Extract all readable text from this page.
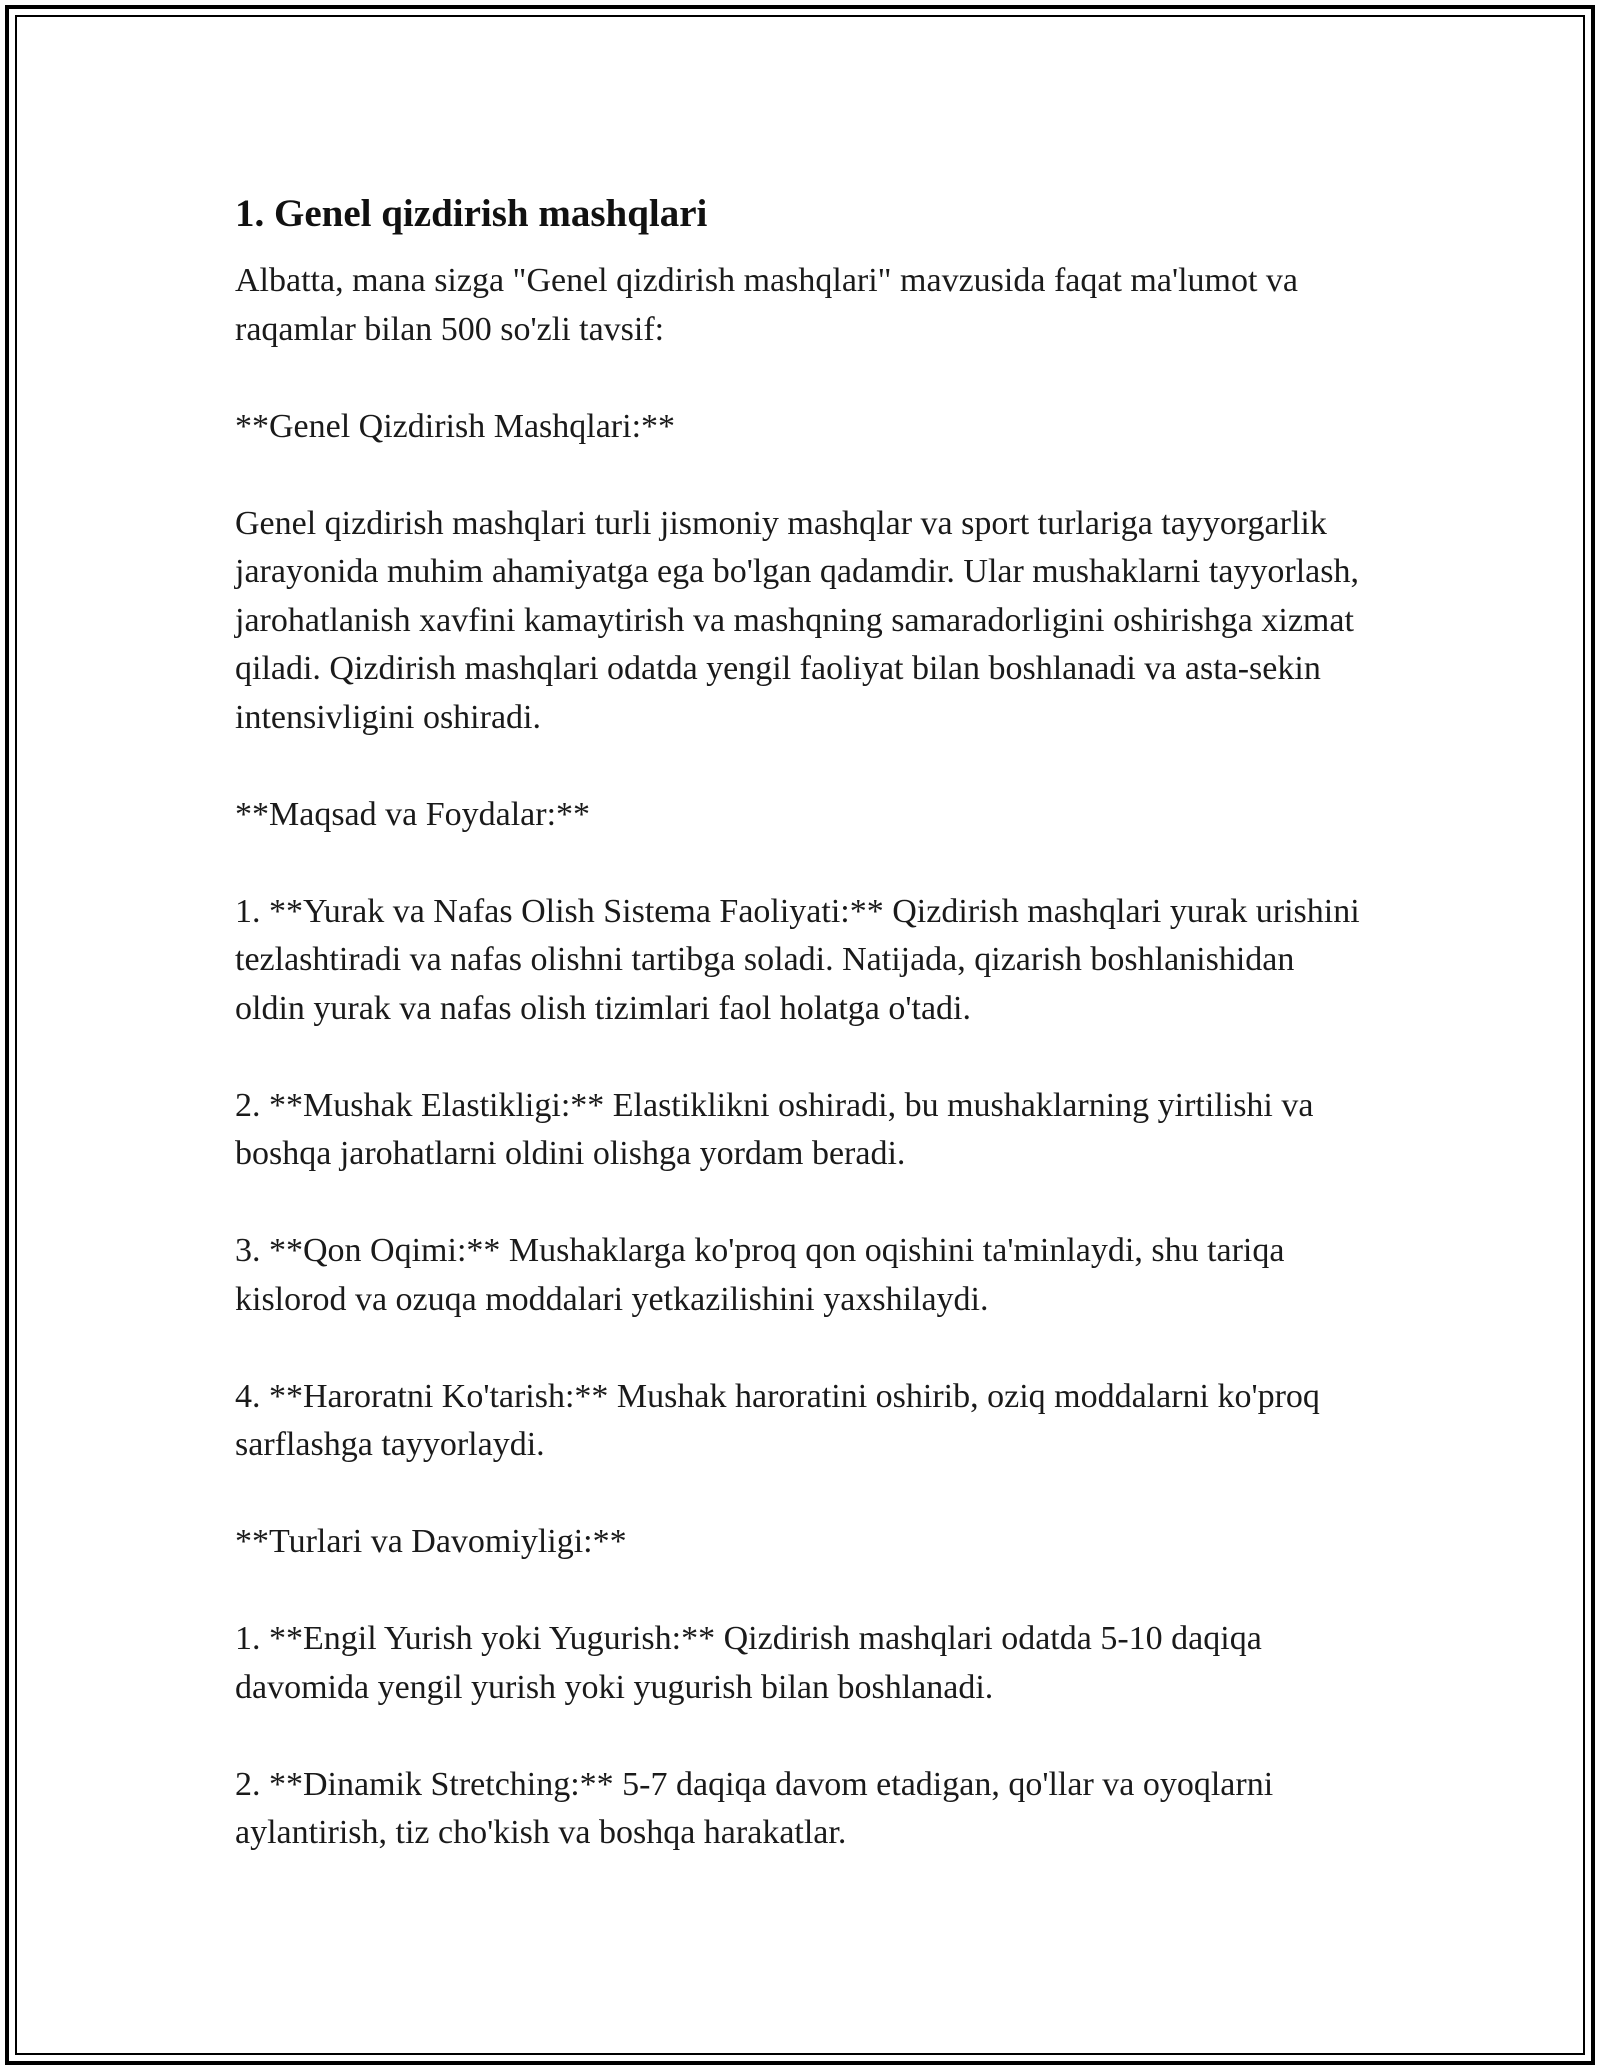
1. Genel qizdirish mashqlari

Albatta, mana sizga "Genel qizdirish mashqlari" mavzusida faqat ma'lumot va raqamlar bilan 500 so'zli tavsif:

**Genel Qizdirish Mashqlari:**

Genel qizdirish mashqlari turli jismoniy mashqlar va sport turlariga tayyorgarlik jarayonida muhim ahamiyatga ega bo'lgan qadamdir. Ular mushaklarni tayyorlash, jarohatlanish xavfini kamaytirish va mashqning samaradorligini oshirishga xizmat qiladi. Qizdirish mashqlari odatda yengil faoliyat bilan boshlanadi va asta-sekin intensivligini oshiradi.

**Maqsad va Foydalar:**

1. **Yurak va Nafas Olish Sistema Faoliyati:** Qizdirish mashqlari yurak urishini tezlashtiradi va nafas olishni tartibga soladi. Natijada, qizarish boshlanishidan oldin yurak va nafas olish tizimlari faol holatga o'tadi.

2. **Mushak Elastikligi:** Elastiklikni oshiradi, bu mushaklarning yirtilishi va boshqa jarohatlarni oldini olishga yordam beradi.

3. **Qon Oqimi:** Mushaklarga ko'proq qon oqishini ta'minlaydi, shu tariqa kislorod va ozuqa moddalari yetkazilishini yaxshilaydi.

4. **Haroratni Ko'tarish:** Mushak haroratini oshirib, oziq moddalarni ko'proq sarflashga tayyorlaydi.

**Turlari va Davomiyligi:**

1. **Engil Yurish yoki Yugurish:** Qizdirish mashqlari odatda 5-10 daqiqa davomida yengil yurish yoki yugurish bilan boshlanadi.

2. **Dinamik Stretching:** 5-7 daqiqa davom etadigan, qo'llar va oyoqlarni aylantirish, tiz cho'kish va boshqa harakatlar.
